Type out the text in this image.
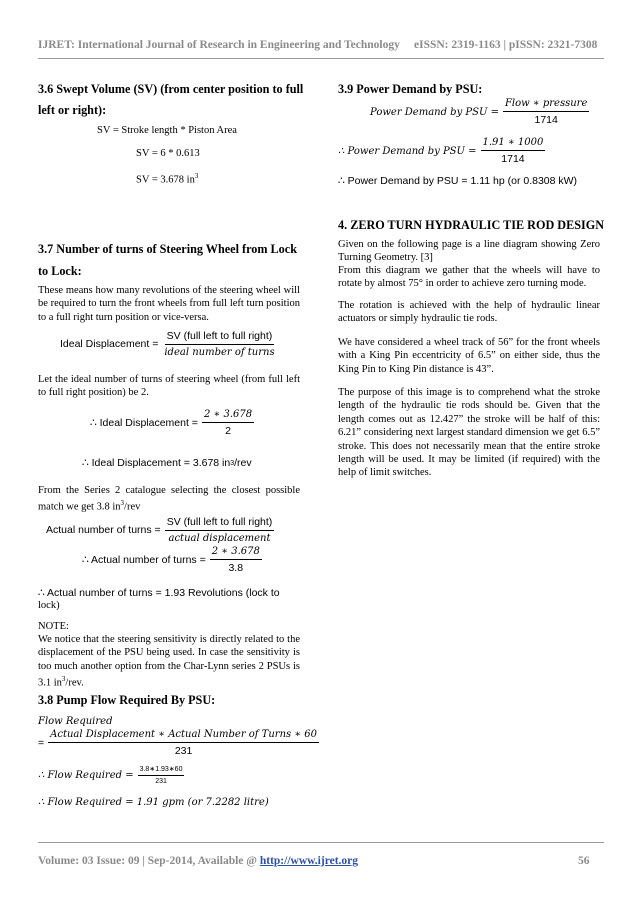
IJRET: International Journal of Research in Engineering and Technology eISSN: 2319-1163 | pISSN: 2321-7308
3.6 Swept Volume (SV) (from center position to full
left or right):
SV = Stroke length * Piston Area
SV = 6 * 0.613
SV = 3.678 $in^3$
3.7 Number of turns of Steering Wheel from Lock
to Lock:
These means how many revolutions of the steering wheel will be required to turn the front wheels from full left turn position to a full right turn position or vice-versa.
Ideal Displacement = $\frac{\text{SV (full left to full right)}}{\text{ideal number of turns}}$
Let the ideal number of turns of steering wheel (from full left to full right position) be 2.
∴ Ideal Displacement = $\frac{2 ∗ 3.678}{2}$
∴ Ideal Displacement = 3.678 in 3 /rev
From the Series 2 catalogue selecting the closest possible match we get 3.8 $in^3$/rev
Actual number of turns = $\frac{\text{SV (full left to full right)}}{\text{actual displacement}}$
∴ Actual number of turns = $\frac{2 ∗ 3.678}{3.8}$
∴ Actual number of turns = 1.93 Revolutions (lock to
lock)
NOTE:
We notice that the steering sensitivity is directly related to the displacement of the PSU being used. In case the sensitivity is too much another option from the Char-Lynn series 2 PSUs is 3.1 $in^3$/rev.
3.8 Pump Flow Required By PSU:
Flow Required
= $\frac{\text{Actual Displacement ∗ Actual Number of Turns ∗ 60}}{231}$
∴ Flow Required = $\frac{3.8∗1.93∗60}{231}$
∴ Flow Required = 1.91 gpm (or 7.2282 litre)
3.9 Power Demand by PSU:
Power Demand by PSU = $\frac{\text{Flow ∗ pressure}}{1714}$
∴ Power Demand by PSU = $\frac{1.91 ∗ 1000}{1714}$
∴ Power Demand by PSU = 1.11 hp (or 0.8308 kW)
4. ZERO TURN HYDRAULIC TIE ROD DESIGN
Given on the following page is a line diagram showing Zero Turning Geometry. [3]
From this diagram we gather that the wheels will have to rotate by almost 75° in order to achieve zero turning mode.
The rotation is achieved with the help of hydraulic linear actuators or simply hydraulic tie rods.
We have considered a wheel track of 56” for the front wheels with a King Pin eccentricity of 6.5” on either side, thus the King Pin to King Pin distance is 43”.
The purpose of this image is to comprehend what the stroke length of the hydraulic tie rods should be. Given that the length comes out as 12.427” the stroke will be half of this: 6.21” considering next largest standard dimension we get 6.5” stroke. This does not necessarily mean that the entire stroke length will be used. It may be limited (if required) with the help of limit switches.
Volume: 03 Issue: 09 | Sep-2014, Available @ http://www.ijret.org	56
